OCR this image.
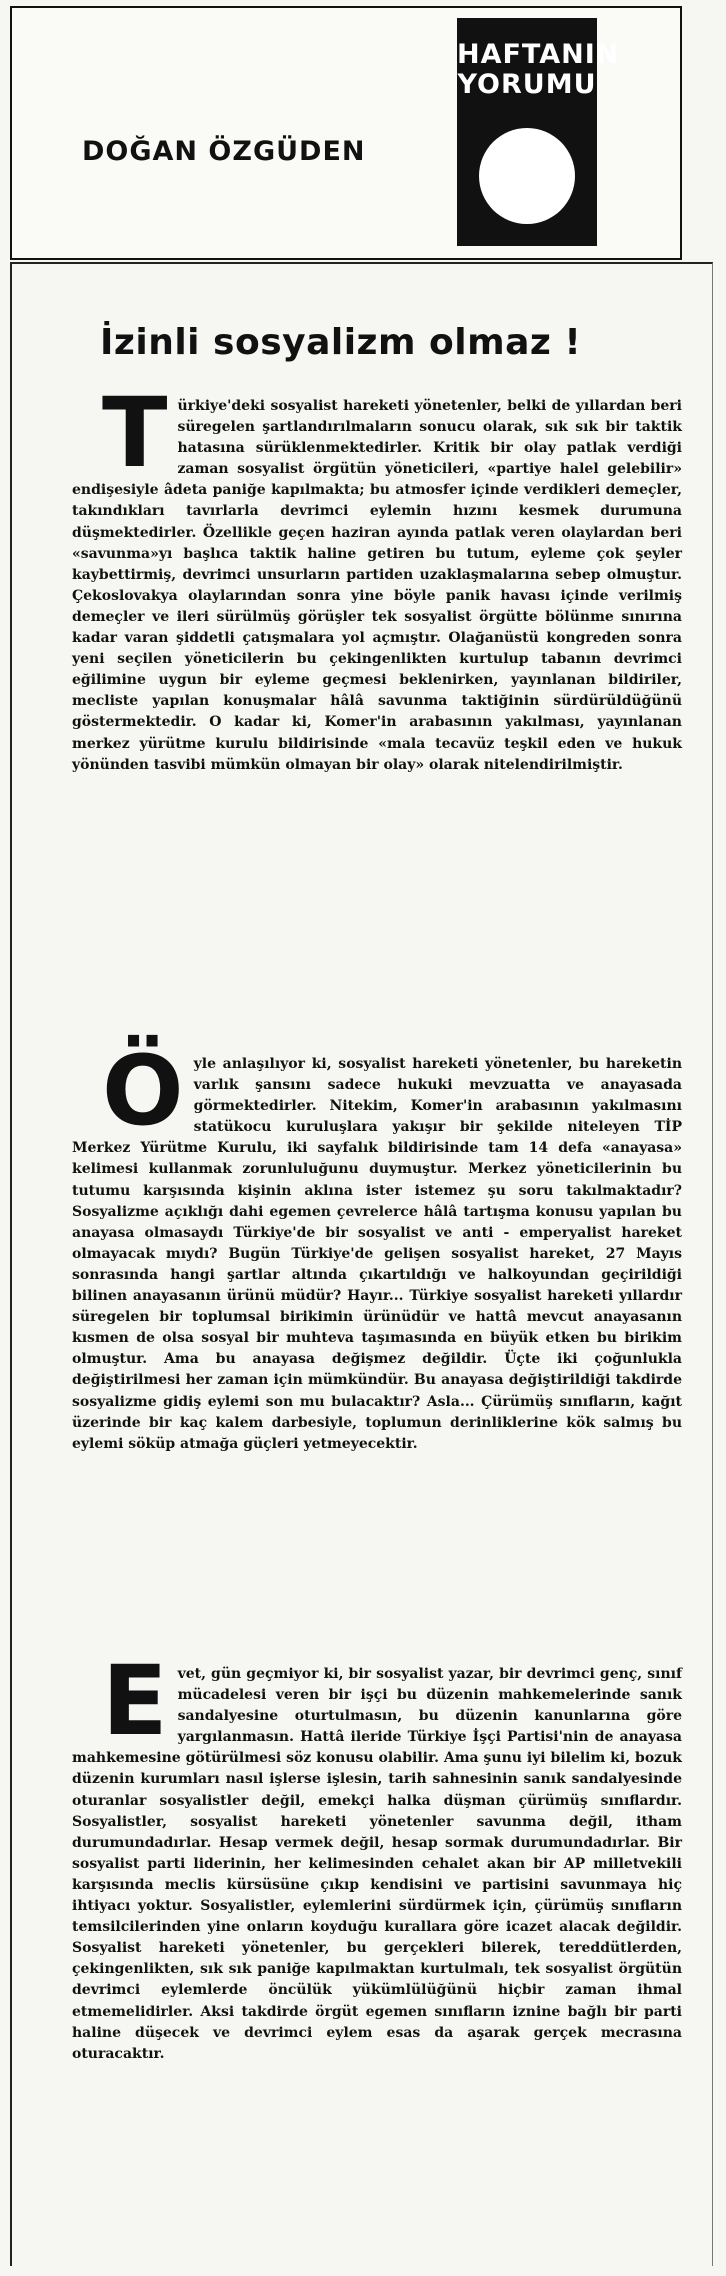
DOĞAN ÖZGÜDEN
HAFTANIN
YORUMU
İzinli sosyalizm olmaz !
Türkiye'deki sosyalist hareketi yönetenler, belki de yıllardan beri süregelen şartlandırılmaların sonucu olarak, sık sık bir taktik hatasına sürüklenmektedirler. Kritik bir olay patlak verdiği zaman sosyalist örgütün yöneticileri, «partiye halel gelebilir» endişesiyle âdeta paniğe kapılmakta; bu atmosfer içinde verdikleri demeçler, takındıkları tavırlarla devrimci eylemin hızını kesmek durumuna düşmektedirler. Özellikle geçen haziran ayında patlak veren olaylardan beri «savunma»yı başlıca taktik haline getiren bu tutum, eyleme çok şeyler kaybettirmiş, devrimci unsurların partiden uzaklaşmalarına sebep olmuştur. Çekoslovakya olaylarından sonra yine böyle panik havası içinde verilmiş demeçler ve ileri sürülmüş görüşler tek sosyalist örgütte bölünme sınırına kadar varan şiddetli çatışmalara yol açmıştır. Olağanüstü kongreden sonra yeni seçilen yöneticilerin bu çekingenlikten kurtulup tabanın devrimci eğilimine uygun bir eyleme geçmesi beklenirken, yayınlanan bildiriler, mecliste yapılan konuşmalar hâlâ savunma taktiğinin sürdürüldüğünü göstermektedir. O kadar ki, Komer'in arabasının yakılması, yayınlanan merkez yürütme kurulu bildirisinde «mala tecavüz teşkil eden ve hukuk yönünden tasvibi mümkün olmayan bir olay» olarak nitelendirilmiştir.
Öyle anlaşılıyor ki, sosyalist hareketi yönetenler, bu hareketin varlık şansını sadece hukuki mevzuatta ve anayasada görmektedirler. Nitekim, Komer'in arabasının yakılmasını statükocu kuruluşlara yakışır bir şekilde niteleyen TİP Merkez Yürütme Kurulu, iki sayfalık bildirisinde tam 14 defa «anayasa» kelimesi kullanmak zorunluluğunu duymuştur. Merkez yöneticilerinin bu tutumu karşısında kişinin aklına ister istemez şu soru takılmaktadır? Sosyalizme açıklığı dahi egemen çevrelerce hâlâ tartışma konusu yapılan bu anayasa olmasaydı Türkiye'de bir sosyalist ve anti - emperyalist hareket olmayacak mıydı? Bugün Türkiye'de gelişen sosyalist hareket, 27 Mayıs sonrasında hangi şartlar altında çıkartıldığı ve halkoyundan geçirildiği bilinen anayasanın ürünü müdür? Hayır... Türkiye sosyalist hareketi yıllardır süregelen bir toplumsal birikimin ürünüdür ve hattâ mevcut anayasanın kısmen de olsa sosyal bir muhteva taşımasında en büyük etken bu birikim olmuştur. Ama bu anayasa değişmez değildir. Üçte iki çoğunlukla değiştirilmesi her zaman için mümkündür. Bu anayasa değiştirildiği takdirde sosyalizme gidiş eylemi son mu bulacaktır? Asla... Çürümüş sınıfların, kağıt üzerinde bir kaç kalem darbesiyle, toplumun derinliklerine kök salmış bu eylemi söküp atmağa güçleri yetmeyecektir.
Evet, gün geçmiyor ki, bir sosyalist yazar, bir devrimci genç, sınıf mücadelesi veren bir işçi bu düzenin mahkemelerinde sanık sandalyesine oturtulmasın, bu düzenin kanunlarına göre yargılanmasın. Hattâ ileride Türkiye İşçi Partisi'nin de anayasa mahkemesine götürülmesi söz konusu olabilir. Ama şunu iyi bilelim ki, bozuk düzenin kurumları nasıl işlerse işlesin, tarih sahnesinin sanık sandalyesinde oturanlar sosyalistler değil, emekçi halka düşman çürümüş sınıflardır. Sosyalistler, sosyalist hareketi yönetenler savunma değil, itham durumundadırlar. Hesap vermek değil, hesap sormak durumundadırlar. Bir sosyalist parti liderinin, her kelimesinden cehalet akan bir AP milletvekili karşısında meclis kürsüsüne çıkıp kendisini ve partisini savunmaya hiç ihtiyacı yoktur. Sosyalistler, eylemlerini sürdürmek için, çürümüş sınıfların temsilcilerinden yine onların koyduğu kurallara göre icazet alacak değildir. Sosyalist hareketi yönetenler, bu gerçekleri bilerek, tereddütlerden, çekingenlikten, sık sık paniğe kapılmaktan kurtulmalı, tek sosyalist örgütün devrimci eylemlerde öncülük yükümlülüğünü hiçbir zaman ihmal etmemelidirler. Aksi takdirde örgüt egemen sınıfların iznine bağlı bir parti haline düşecek ve devrimci eylem esas da aşarak gerçek mecrasına oturacaktır.
